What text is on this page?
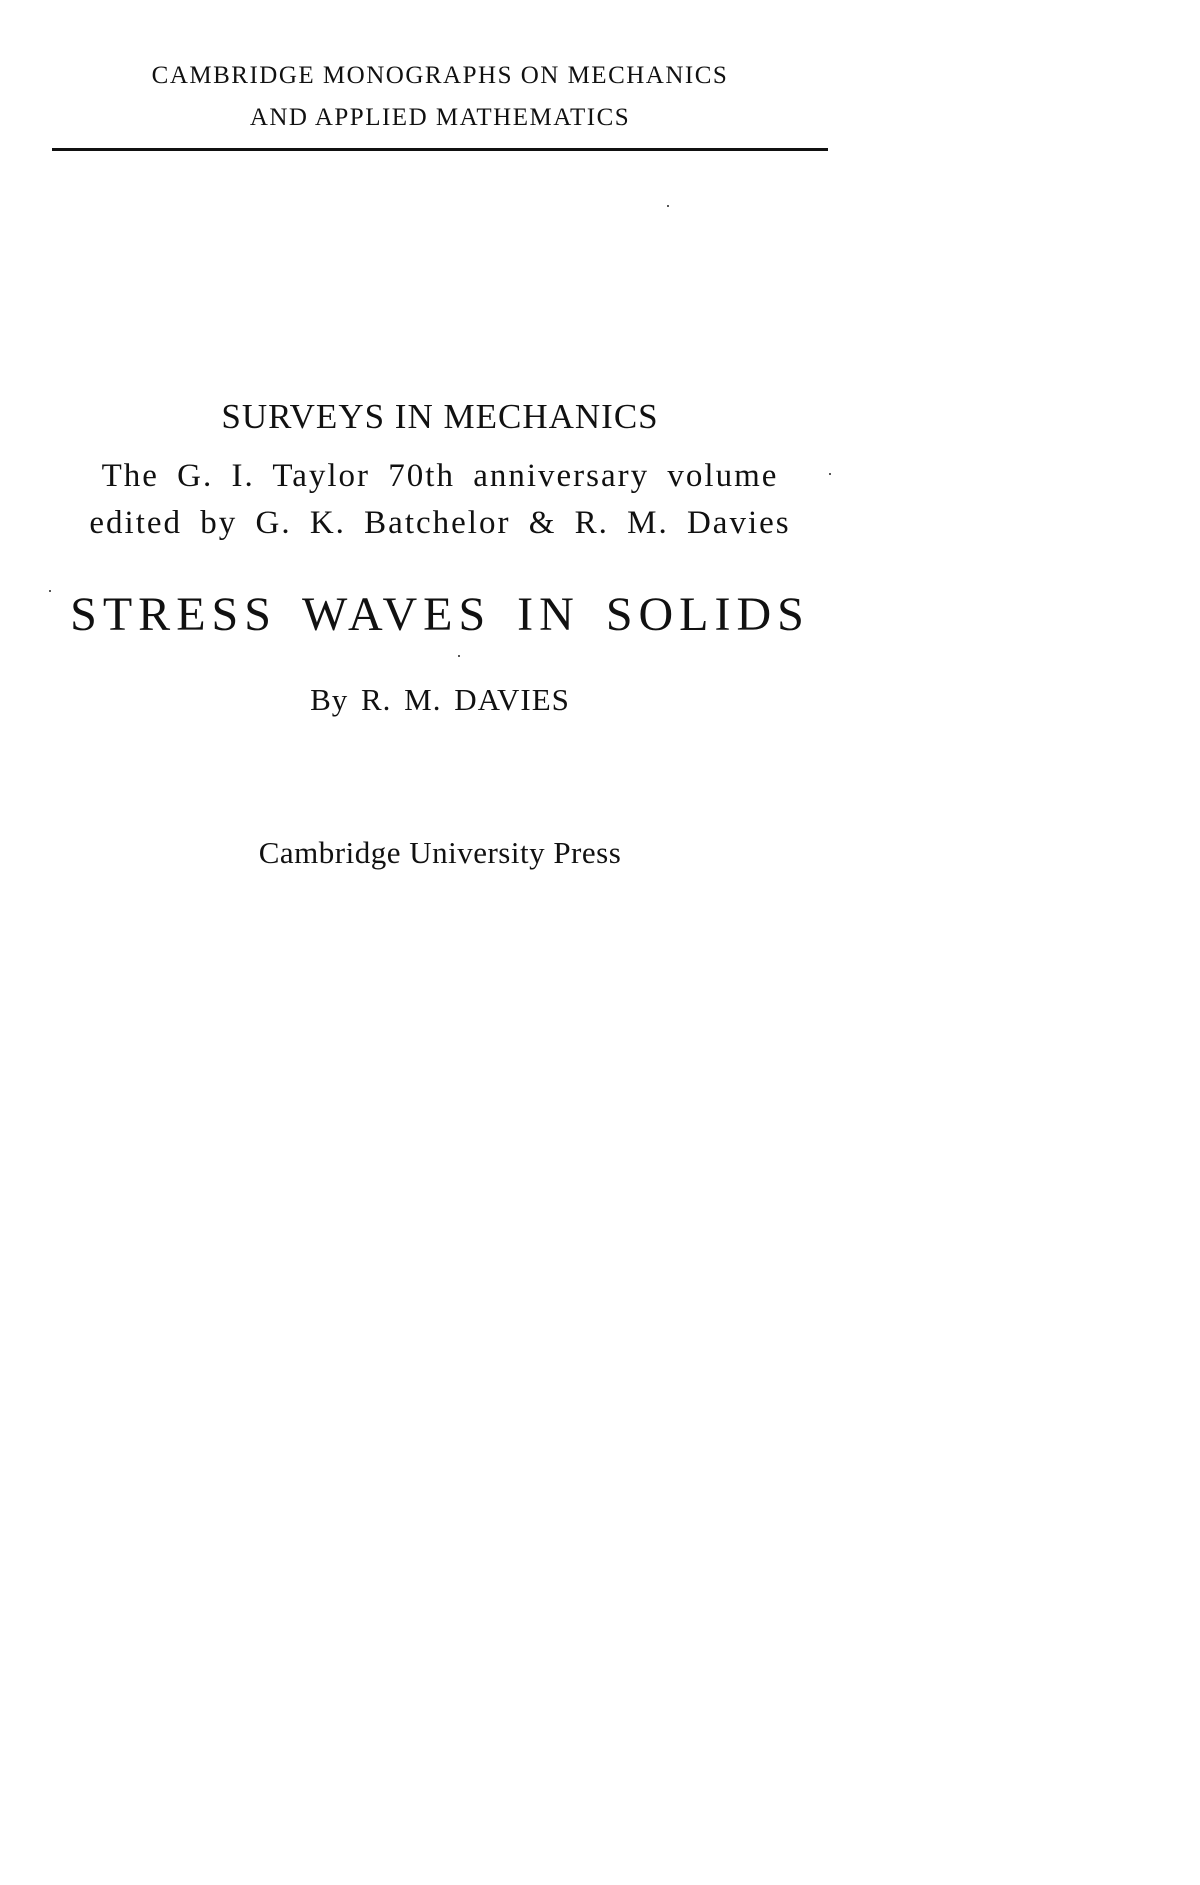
CAMBRIDGE MONOGRAPHS ON MECHANICS
AND APPLIED MATHEMATICS
SURVEYS IN MECHANICS
The G. I. Taylor 70th anniversary volume
edited by G. K. Batchelor & R. M. Davies
STRESS WAVES IN SOLIDS
By R. M. DAVIES
Cambridge University Press
